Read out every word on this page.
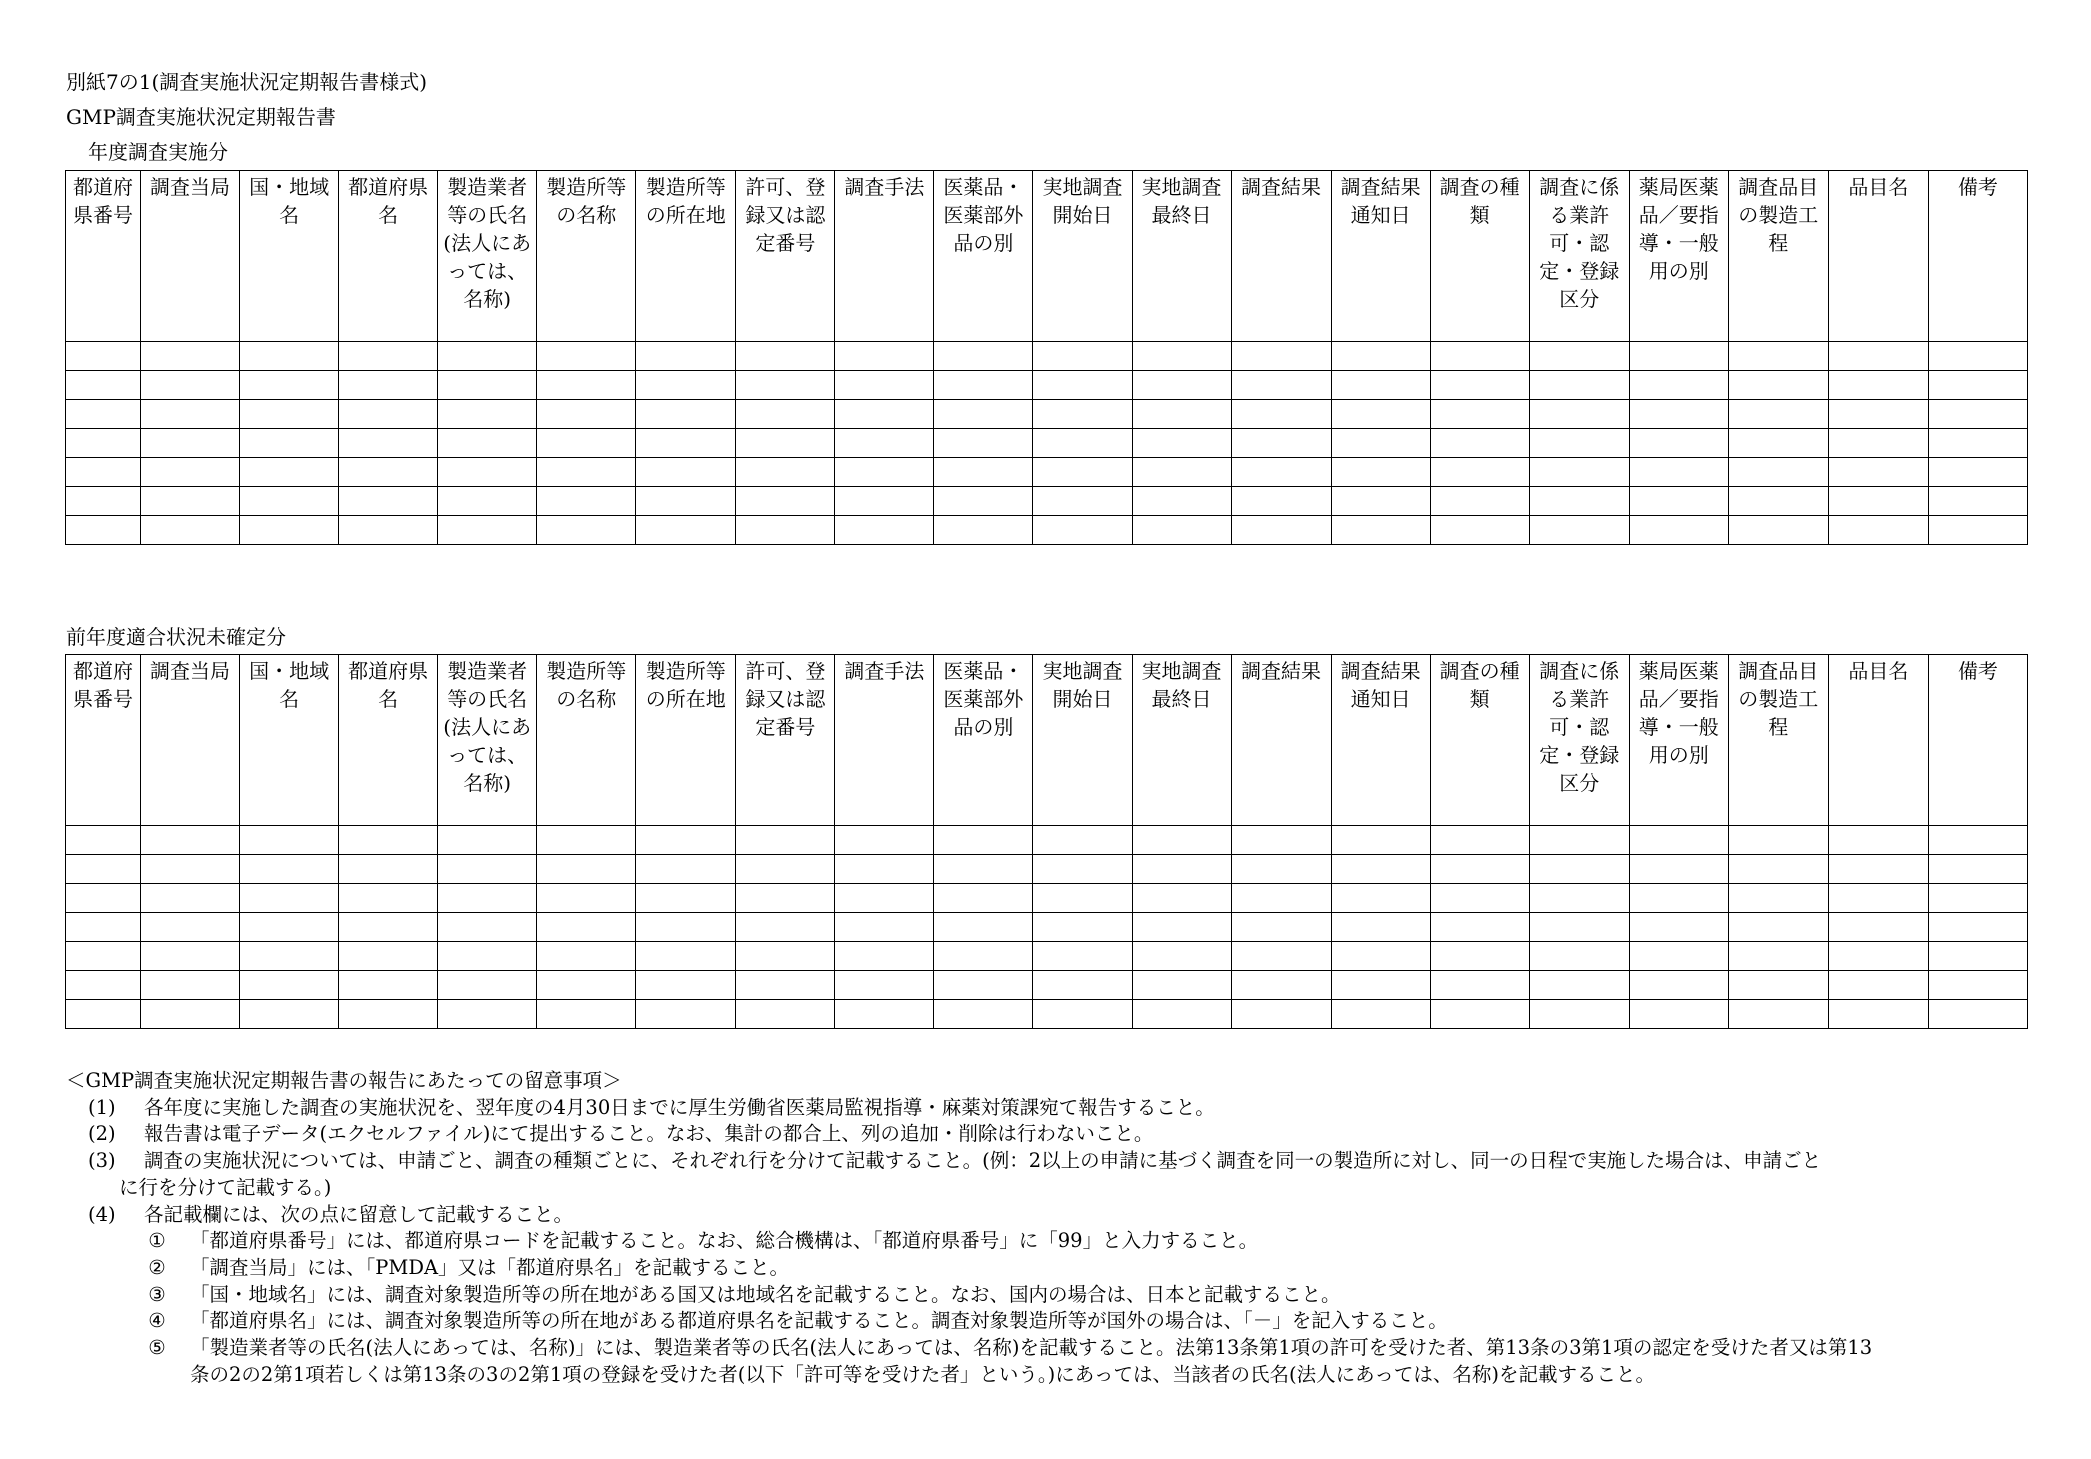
別紙7の1(調査実施状況定期報告書様式)
GMP調査実施状況定期報告書
年度調査実施分
都道府県番号	調査当局	国・地域名	都道府県名	製造業者等の氏名(法人にあっては、名称)	製造所等の名称	製造所等の所在地	許可、登録又は認定番号	調査手法	医薬品・医薬部外品の別	実地調査開始日	実地調査最終日	調査結果	調査結果通知日	調査の種類	調査に係る業許可・認定・登録区分	薬局医薬品／要指導・一般用の別	調査品目の製造工程	品目名	備考

前年度適合状況未確定分
都道府県番号	調査当局	国・地域名	都道府県名	製造業者等の氏名(法人にあっては、名称)	製造所等の名称	製造所等の所在地	許可、登録又は認定番号	調査手法	医薬品・医薬部外品の別	実地調査開始日	実地調査最終日	調査結果	調査結果通知日	調査の種類	調査に係る業許可・認定・登録区分	薬局医薬品／要指導・一般用の別	調査品目の製造工程	品目名	備考

＜GMP調査実施状況定期報告書の報告にあたっての留意事項＞
(1) 各年度に実施した調査の実施状況を、翌年度の4月30日までに厚生労働省医薬局監視指導・麻薬対策課宛て報告すること。
(2) 報告書は電子データ(エクセルファイル)にて提出すること。なお、集計の都合上、列の追加・削除は行わないこと。
(3) 調査の実施状況については、申請ごと、調査の種類ごとに、それぞれ行を分けて記載すること。(例：2以上の申請に基づく調査を同一の製造所に対し、同一の日程で実施した場合は、申請ごと
に行を分けて記載する。)
(4) 各記載欄には、次の点に留意して記載すること。
① 「都道府県番号」には、都道府県コードを記載すること。なお、総合機構は、「都道府県番号」に「99」と入力すること。
② 「調査当局」には、「PMDA」又は「都道府県名」を記載すること。
③ 「国・地域名」には、調査対象製造所等の所在地がある国又は地域名を記載すること。なお、国内の場合は、日本と記載すること。
④ 「都道府県名」には、調査対象製造所等の所在地がある都道府県名を記載すること。調査対象製造所等が国外の場合は、「－」を記入すること。
⑤ 「製造業者等の氏名(法人にあっては、名称)」には、製造業者等の氏名(法人にあっては、名称)を記載すること。法第13条第1項の許可を受けた者、第13条の3第1項の認定を受けた者又は第13
条の2の2第1項若しくは第13条の3の2第1項の登録を受けた者(以下「許可等を受けた者」という。)にあっては、当該者の氏名(法人にあっては、名称)を記載すること。
